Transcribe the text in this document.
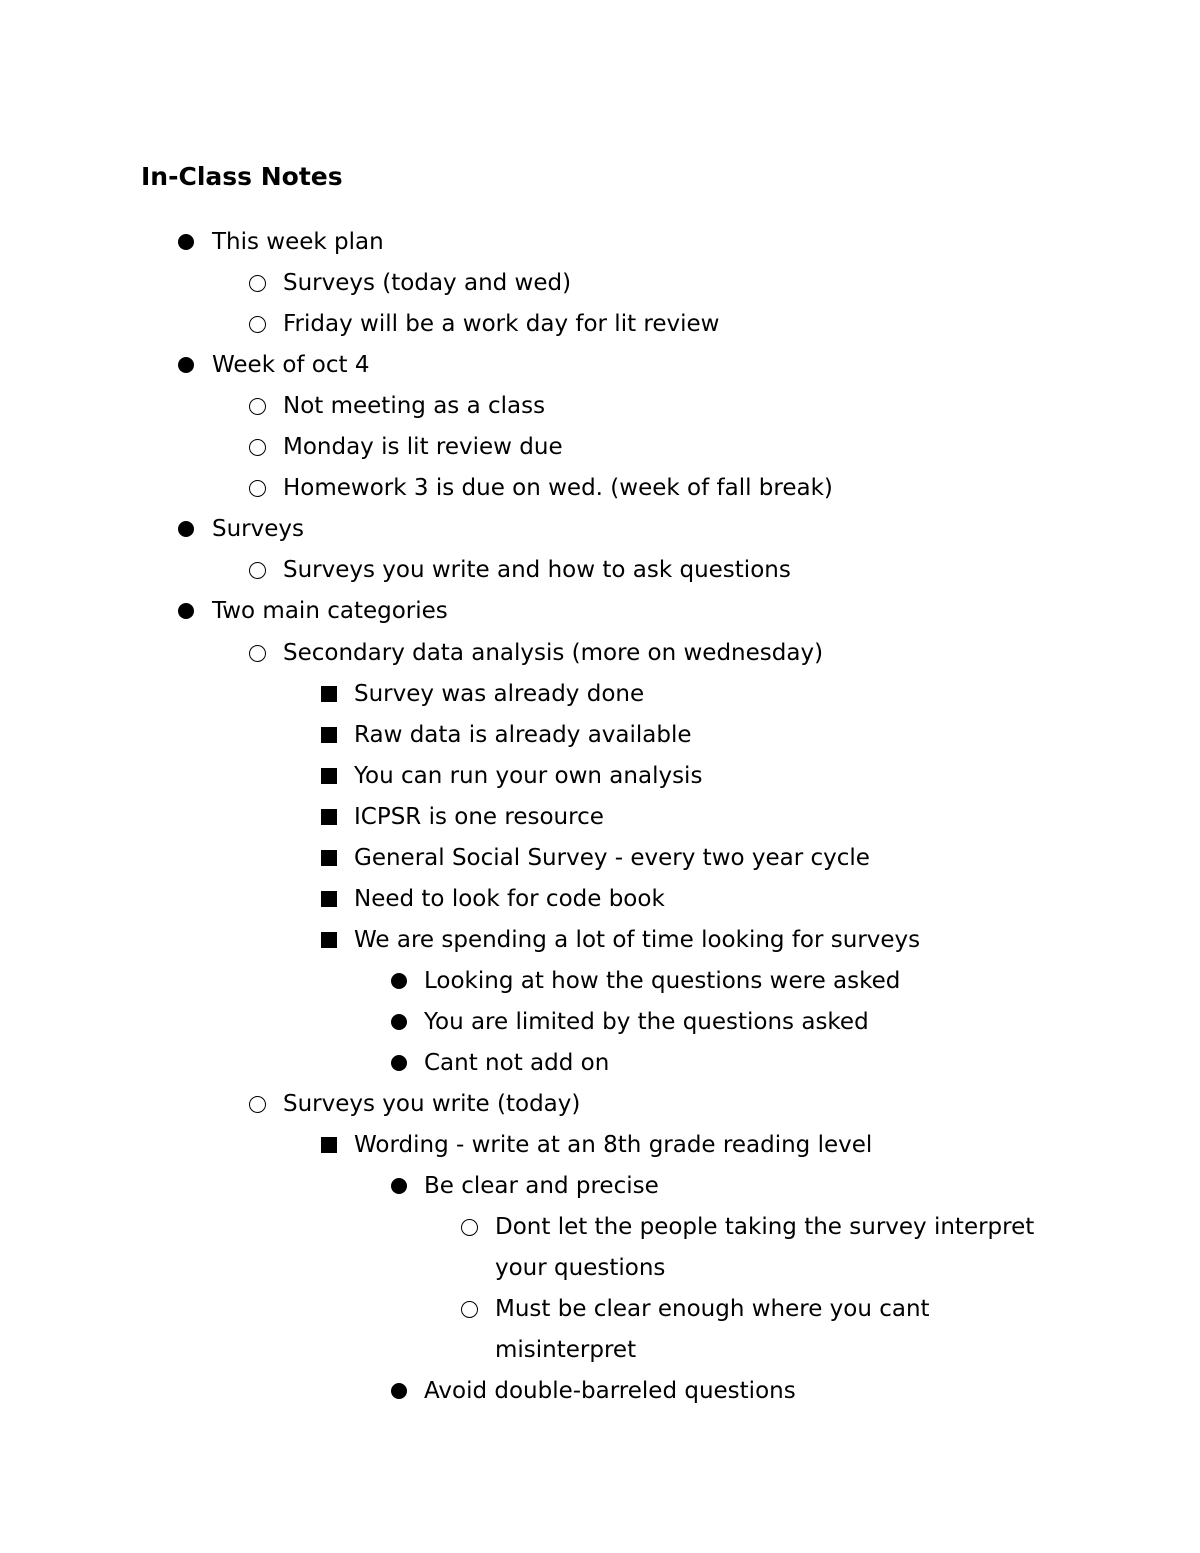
In-Class Notes
This week plan
Surveys (today and wed)
Friday will be a work day for lit review
Week of oct 4
Not meeting as a class
Monday is lit review due
Homework 3 is due on wed. (week of fall break)
Surveys
Surveys you write and how to ask questions
Two main categories
Secondary data analysis (more on wednesday)
Survey was already done
Raw data is already available
You can run your own analysis
ICPSR is one resource
General Social Survey - every two year cycle
Need to look for code book
We are spending a lot of time looking for surveys
Looking at how the questions were asked
You are limited by the questions asked
Cant not add on
Surveys you write (today)
Wording - write at an 8th grade reading level
Be clear and precise
Dont let the people taking the survey interpret
your questions
Must be clear enough where you cant
misinterpret
Avoid double-barreled questions
